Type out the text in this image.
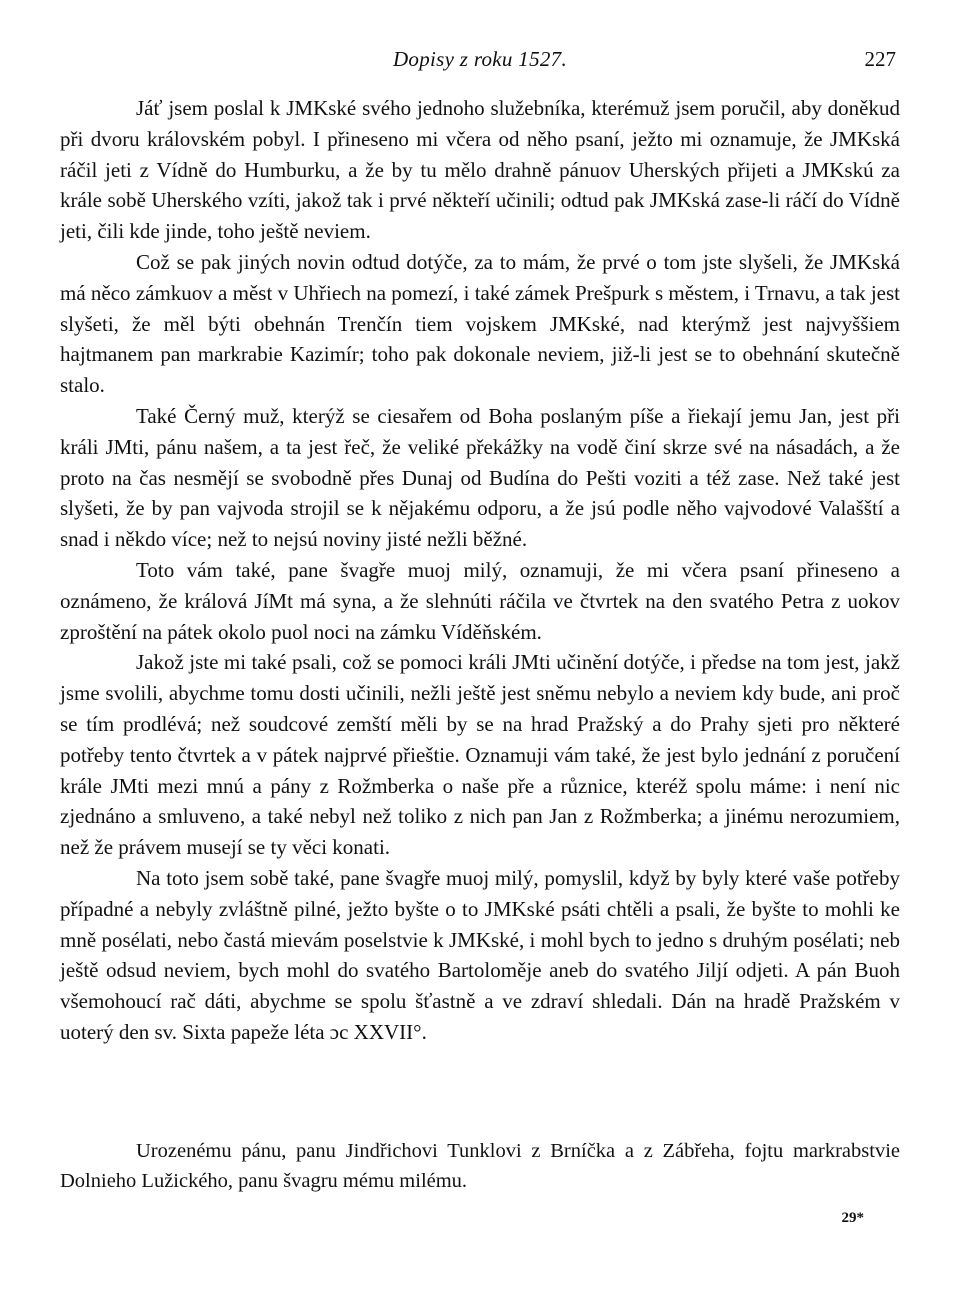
Dopisy z roku 1527.	227

Jáť jsem poslal k JMKské svého jednoho služebníka, kterémuž jsem poručil, aby doněkud při dvoru královském pobyl. I přineseno mi včera od něho psaní, ježto mi oznamuje, že JMKská ráčil jeti z Vídně do Humburku, a že by tu mělo drahně pánuov Uherských přijeti a JMKskú za krále sobě Uherského vzíti, jakož tak i prvé někteří učinili; odtud pak JMKská zase-li ráčí do Vídně jeti, čili kde jinde, toho ještě neviem.

Což se pak jiných novin odtud dotýče, za to mám, že prvé o tom jste slyšeli, že JMKská má něco zámkuov a měst v Uhřiech na pomezí, i také zámek Prešpurk s městem, i Trnavu, a tak jest slyšeti, že měl býti obehnán Trenčín tiem vojskem JMKské, nad kterýmž jest najvyššiem hajtmanem pan markrabie Kazimír; toho pak dokonale neviem, již-li jest se to obehnání skutečně stalo.

Také Černý muž, kterýž se ciesařem od Boha poslaným píše a řiekají jemu Jan, jest při králi JMti, pánu našem, a ta jest řeč, že veliké překážky na vodě činí skrze své na násadách, a že proto na čas nesmějí se svobodně přes Dunaj od Budína do Pešti voziti a též zase. Než také jest slyšeti, že by pan vajvoda strojil se k nějakému odporu, a že jsú podle něho vajvodové Valašští a snad i někdo více; než to nejsú noviny jisté nežli běžné.

Toto vám také, pane švagře muoj milý, oznamuji, že mi včera psaní přineseno a oznámeno, že králová JíMt má syna, a že slehnúti ráčila ve čtvrtek na den svatého Petra z uokov zproštění na pátek okolo puol noci na zámku Víděňském.

Jakož jste mi také psali, což se pomoci králi JMti učinění dotýče, i předse na tom jest, jakž jsme svolili, abychme tomu dosti učinili, nežli ještě jest sněmu nebylo a neviem kdy bude, ani proč se tím prodlévá; než soudcové zemští měli by se na hrad Pražský a do Prahy sjeti pro některé potřeby tento čtvrtek a v pátek najprvé přieštie. Oznamuji vám také, že jest bylo jednání z poručení krále JMti mezi mnú a pány z Rožmberka o naše pře a různice, kteréž spolu máme: i není nic zjednáno a smluveno, a také nebyl než toliko z nich pan Jan z Rožmberka; a jinému nerozumiem, než že právem musejí se ty věci konati.

Na toto jsem sobě také, pane švagře muoj milý, pomyslil, když by byly které vaše potřeby případné a nebyly zvláštně pilné, ježto byšte o to JMKské psáti chtěli a psali, že byšte to mohli ke mně posélati, nebo častá mievám poselstvie k JMKské, i mohl bych to jedno s druhým posélati; neb ještě odsud neviem, bych mohl do svatého Bartoloměje aneb do svatého Jiljí odjeti. A pán Buoh všemohoucí rač dáti, abychme se spolu šťastně a ve zdraví shledali. Dán na hradě Pražském v uoterý den sv. Sixta papeže léta ɔc XXVII°.

Urozenému pánu, panu Jindřichovi Tunklovi z Brníčka a z Zábřeha, fojtu markrabstvie Dolnieho Lužického, panu švagru mému milému.

29*
